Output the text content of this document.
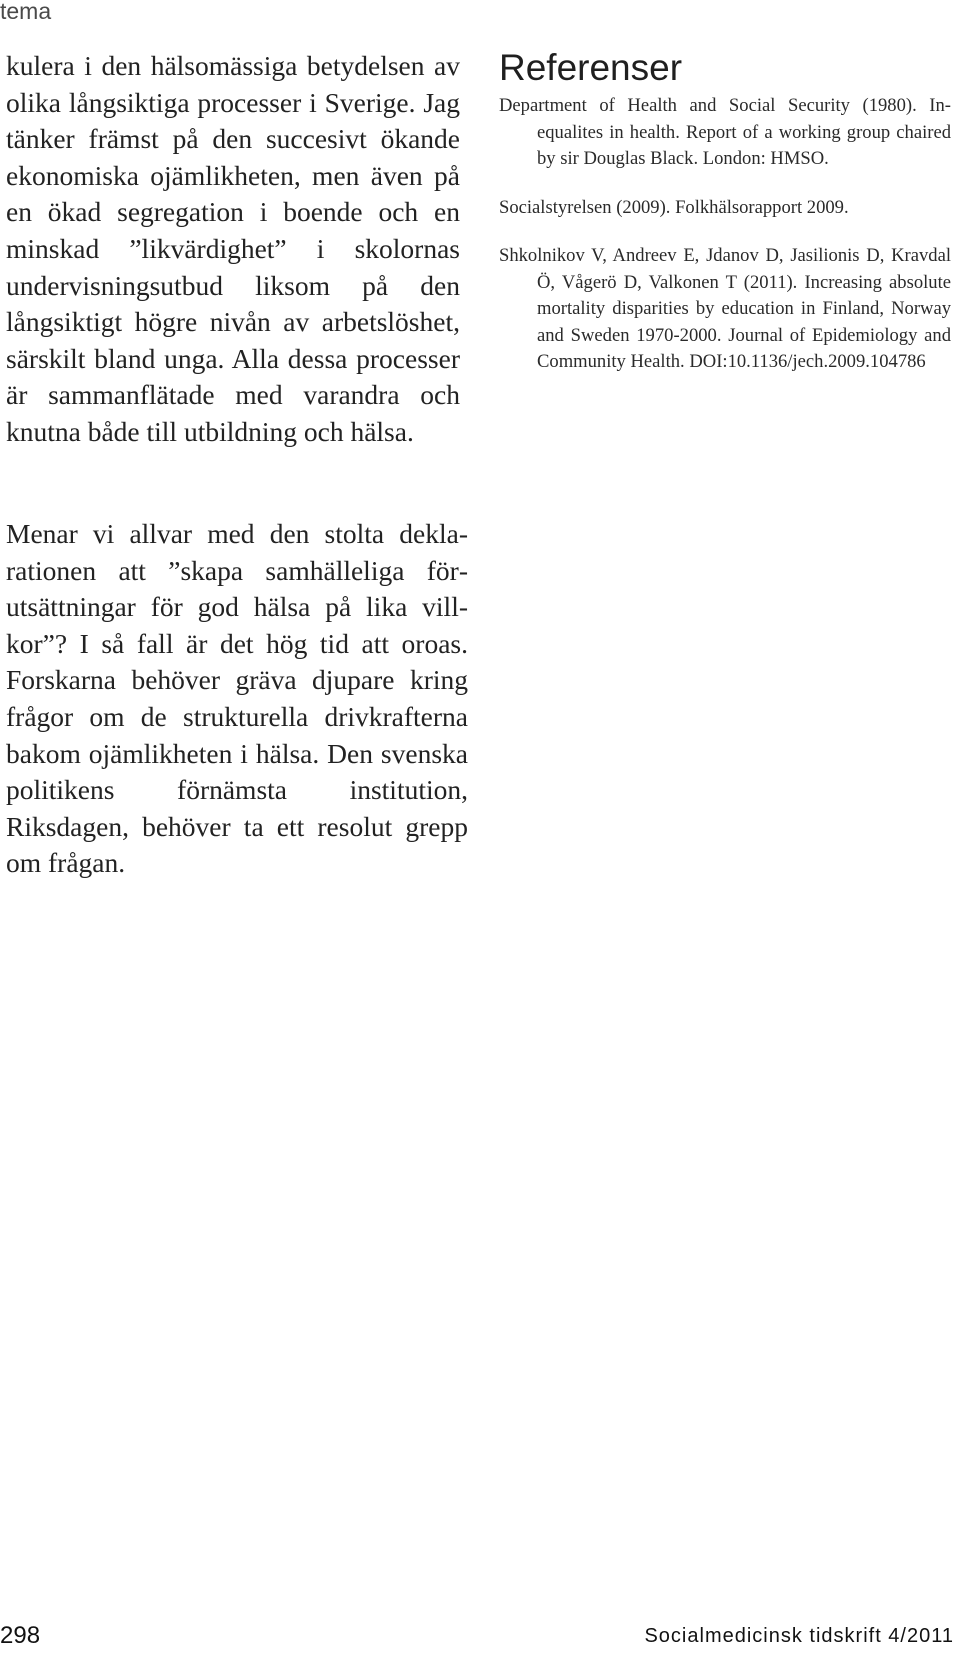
tema

kulera i den hälsomässiga betydelsen av olika långsiktiga processer i Sverige. Jag tänker främst på den succesivt ökande ekonomiska ojämlikheten, men även på en ökad segregation i boende och en minskad ”likvärdighet” i skolornas undervisningsutbud liksom på den långsiktigt högre nivån av arbetslöshet, särskilt bland unga. Alla dessa processer är sammanflätade med varandra och knutna både till utbildning och hälsa.

Menar vi allvar med den stolta deklarationen att ”skapa samhälleliga förutsättningar för god hälsa på lika villkor”? I så fall är det hög tid att oroas. Forskarna behöver gräva djupare kring frågor om de strukturella drivkrafterna bakom ojämlikheten i hälsa. Den svenska politikens förnämsta institution, Riksdagen, behöver ta ett resolut grepp om frågan.

Referenser

Department of Health and Social Security (1980). Inequalites in health. Report of a working group chaired by sir Douglas Black. London: HMSO.

Socialstyrelsen (2009). Folkhälsorapport 2009.

Shkolnikov V, Andreev E, Jdanov D, Jasilionis D, Kravdal Ö, Vågerö D, Valkonen T (2011). Increasing absolute mortality disparities by education in Finland, Norway and Sweden 1970-2000. Journal of Epidemiology and Community Health. DOI:10.1136/jech.2009.104786

298	Socialmedicinsk tidskrift 4/2011
